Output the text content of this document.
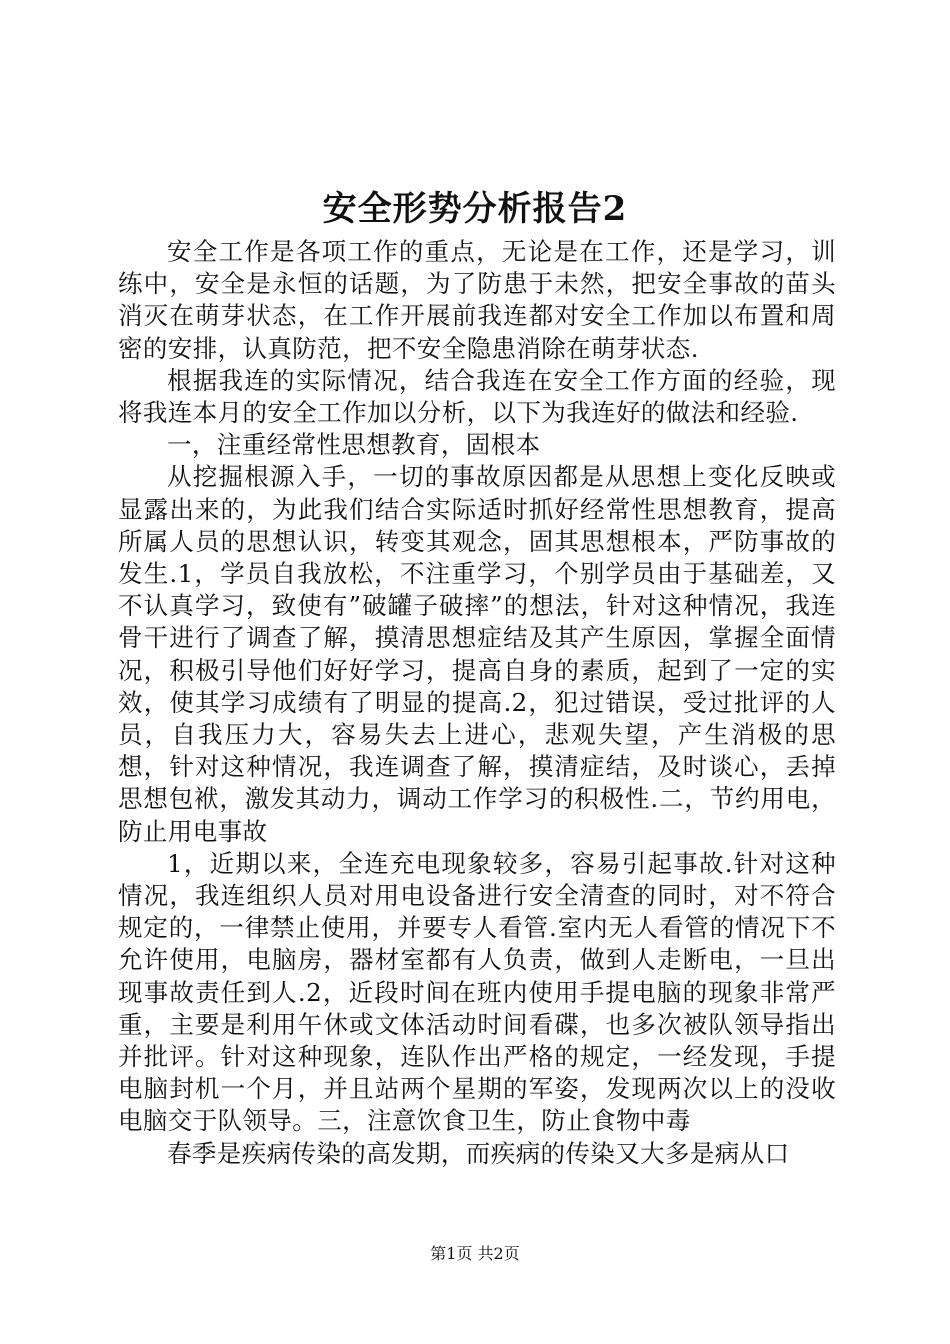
安全形势分析报告2

安全工作是各项工作的重点，无论是在工作，还是学习，训练中，安全是永恒的话题，为了防患于未然，把安全事故的苗头消灭在萌芽状态，在工作开展前我连都对安全工作加以布置和周密的安排，认真防范，把不安全隐患消除在萌芽状态.

根据我连的实际情况，结合我连在安全工作方面的经验，现将我连本月的安全工作加以分析，以下为我连好的做法和经验.

一，注重经常性思想教育，固根本

从挖掘根源入手，一切的事故原因都是从思想上变化反映或显露出来的，为此我们结合实际适时抓好经常性思想教育，提高所属人员的思想认识，转变其观念，固其思想根本，严防事故的发生.1，学员自我放松，不注重学习，个别学员由于基础差，又不认真学习，致使有”破罐子破摔”的想法，针对这种情况，我连骨干进行了调查了解，摸清思想症结及其产生原因，掌握全面情况，积极引导他们好好学习，提高自身的素质，起到了一定的实效，使其学习成绩有了明显的提高.2，犯过错误，受过批评的人员，自我压力大，容易失去上进心，悲观失望，产生消极的思想，针对这种情况，我连调查了解，摸清症结，及时谈心，丢掉思想包袱，激发其动力，调动工作学习的积极性.二，节约用电，防止用电事故

1，近期以来，全连充电现象较多，容易引起事故.针对这种情况，我连组织人员对用电设备进行安全清查的同时，对不符合规定的，一律禁止使用，并要专人看管.室内无人看管的情况下不允许使用，电脑房，器材室都有人负责，做到人走断电，一旦出现事故责任到人.2，近段时间在班内使用手提电脑的现象非常严重，主要是利用午休或文体活动时间看碟，也多次被队领导指出并批评。针对这种现象，连队作出严格的规定，一经发现，手提电脑封机一个月，并且站两个星期的军姿，发现两次以上的没收电脑交于队领导。三，注意饮食卫生，防止食物中毒

春季是疾病传染的高发期，而疾病的传染又大多是病从口

第1页 共2页
